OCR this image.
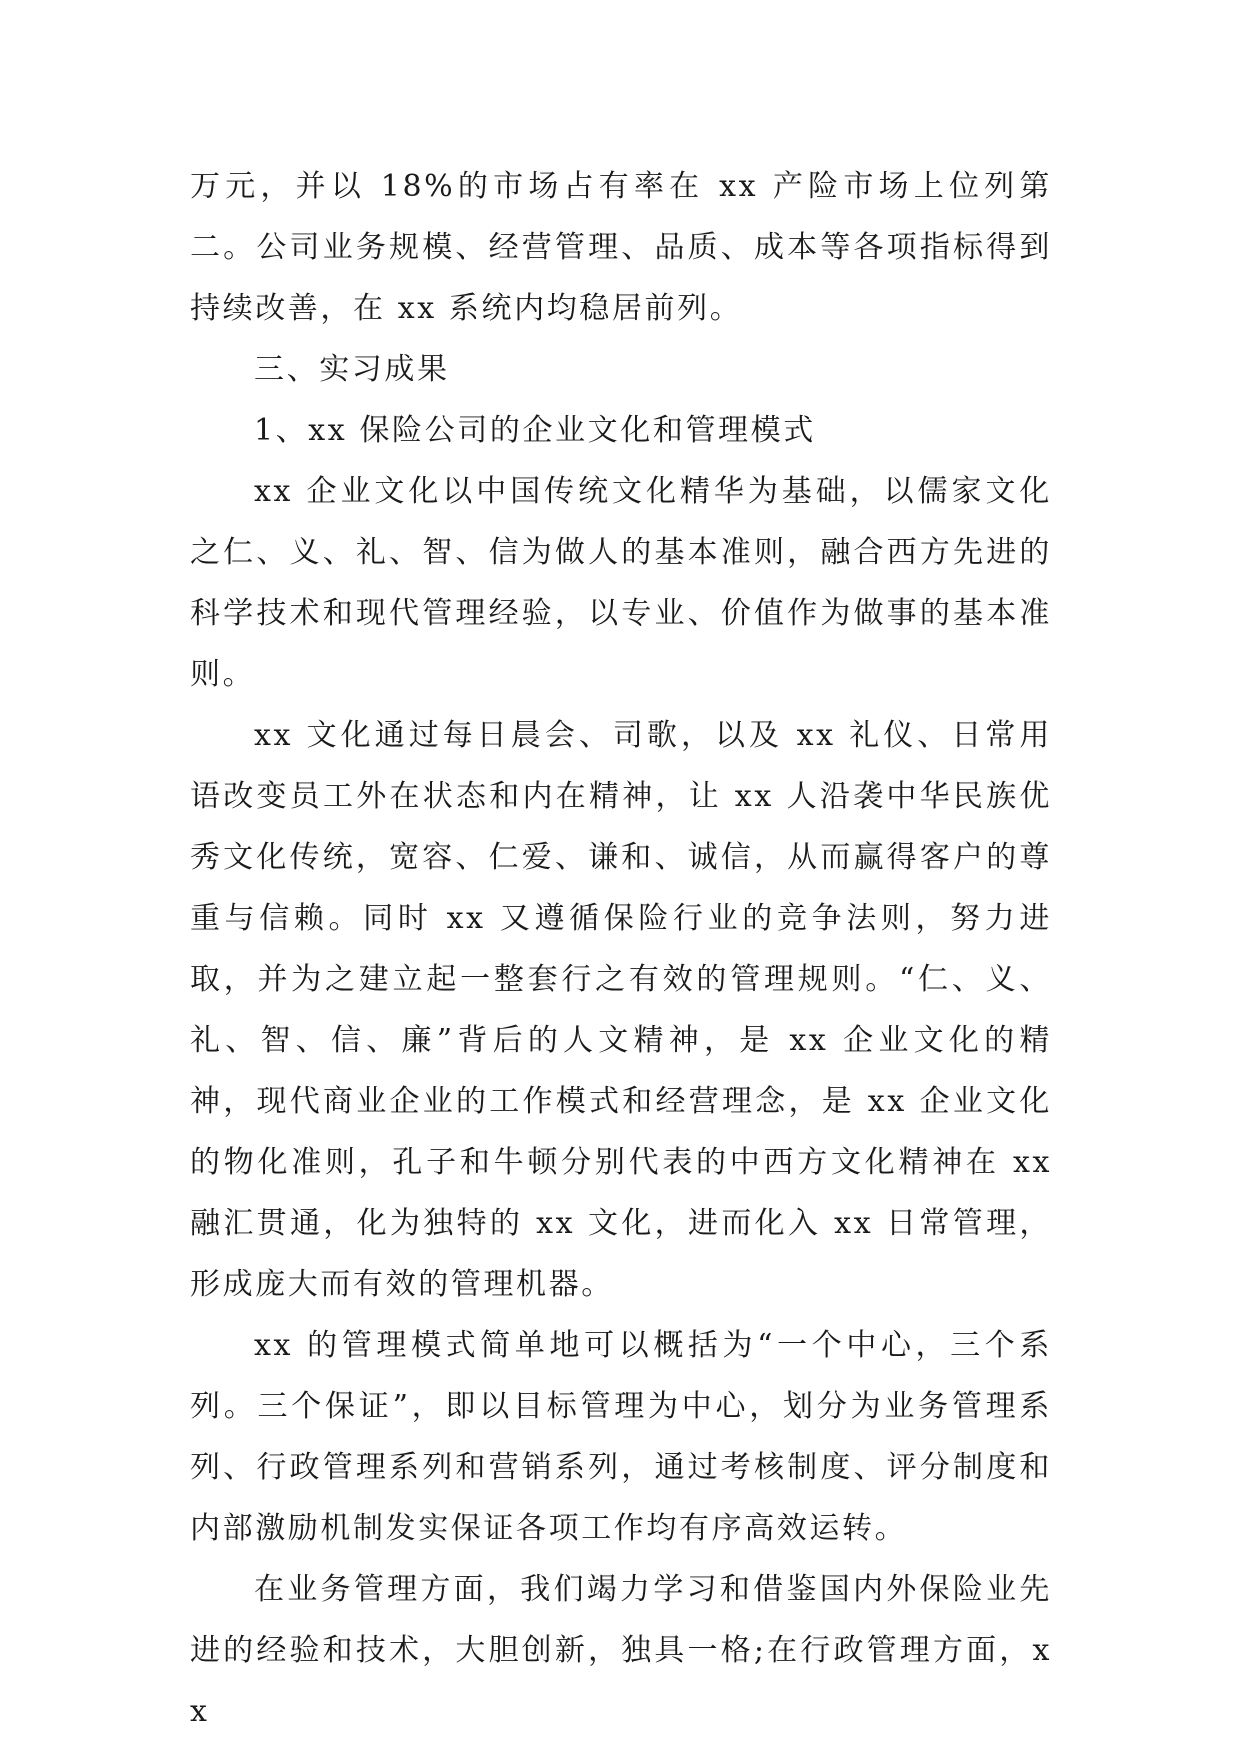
万元，并以 18%的市场占有率在 xx 产险市场上位列第二。公司业务规模、经营管理、品质、成本等各项指标得到持续改善，在 xx 系统内均稳居前列。

三、实习成果

1、xx 保险公司的企业文化和管理模式

xx 企业文化以中国传统文化精华为基础，以儒家文化之仁、义、礼、智、信为做人的基本准则，融合西方先进的科学技术和现代管理经验，以专业、价值作为做事的基本准则。

xx 文化通过每日晨会、司歌，以及 xx 礼仪、日常用语改变员工外在状态和内在精神，让 xx 人沿袭中华民族优秀文化传统，宽容、仁爱、谦和、诚信，从而赢得客户的尊重与信赖。同时 xx 又遵循保险行业的竞争法则，努力进取，并为之建立起一整套行之有效的管理规则。“仁、义、礼、智、信、廉”背后的人文精神，是 xx 企业文化的精神，现代商业企业的工作模式和经营理念，是 xx 企业文化的物化准则，孔子和牛顿分别代表的中西方文化精神在 xx 融汇贯通，化为独特的 xx 文化，进而化入 xx 日常管理，形成庞大而有效的管理机器。

xx 的管理模式简单地可以概括为“一个中心，三个系列。三个保证”，即以目标管理为中心，划分为业务管理系列、行政管理系列和营销系列，通过考核制度、评分制度和内部激励机制发实保证各项工作均有序高效运转。

在业务管理方面，我们竭力学习和借鉴国内外保险业先进的经验和技术，大胆创新，独具一格;在行政管理方面，xx
